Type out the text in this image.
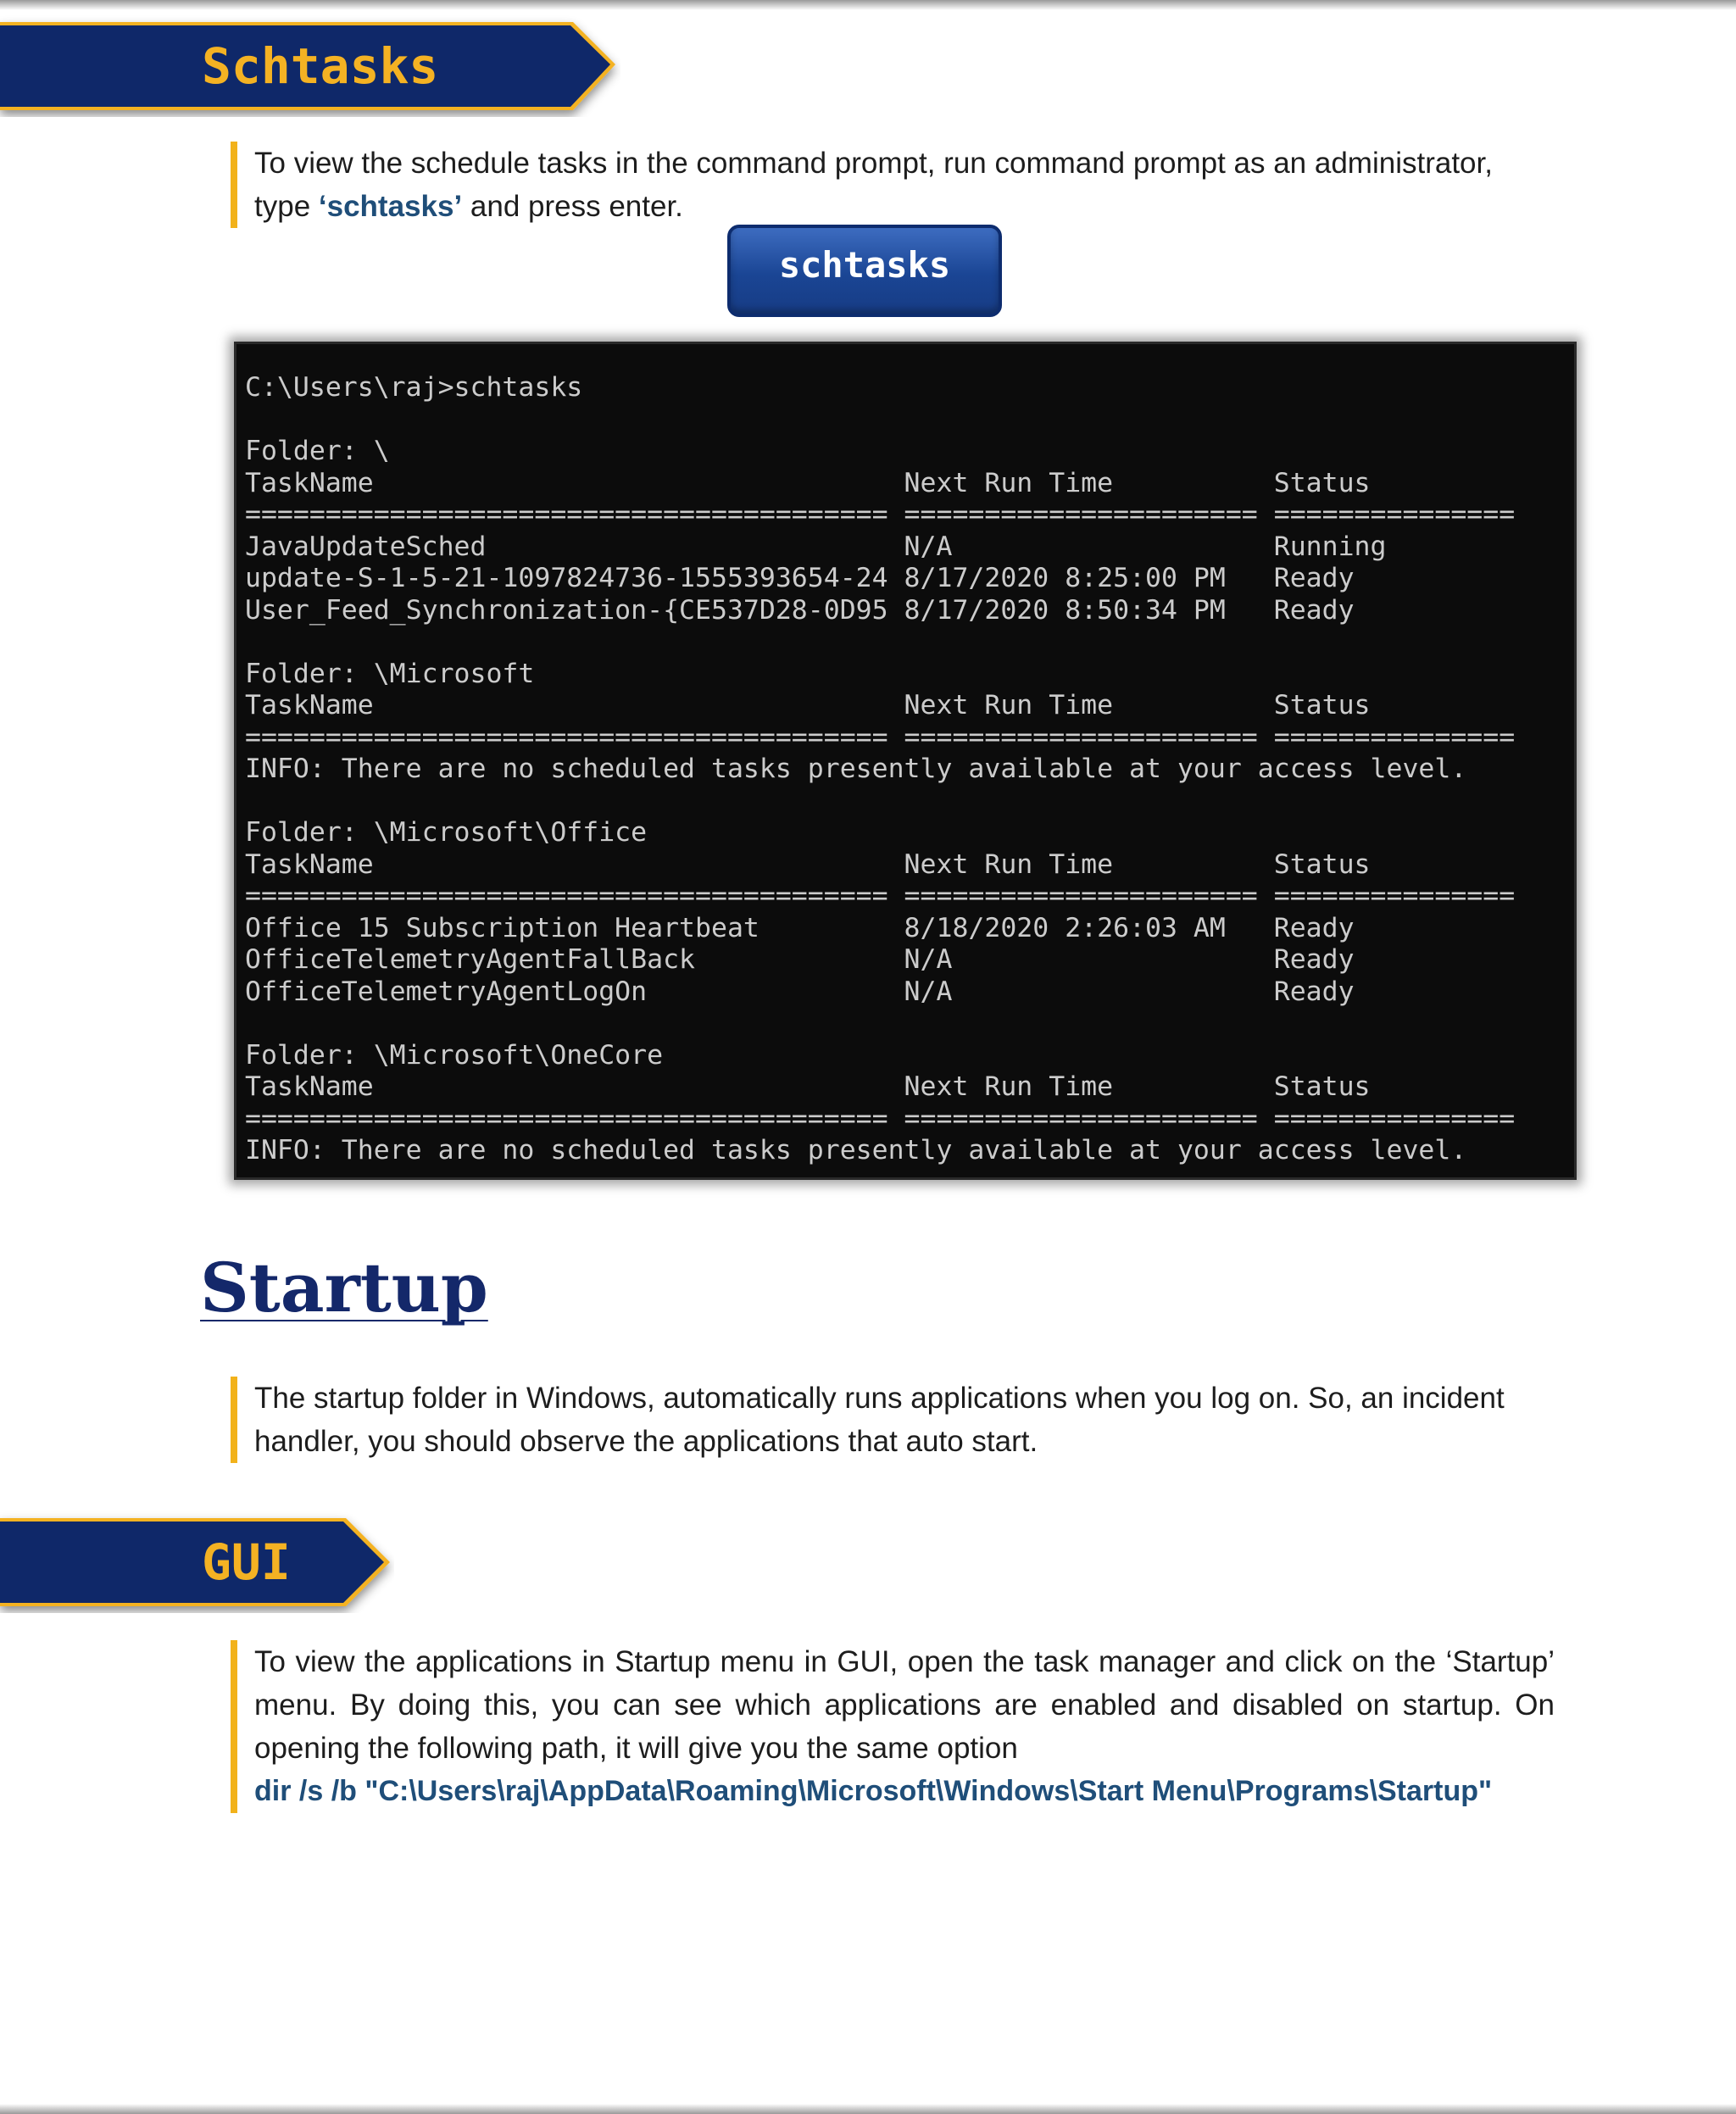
Schtasks
To view the schedule tasks in the command prompt, run command prompt as an administrator, type ‘schtasks’ and press enter.
schtasks
C:\Users\raj>schtasks
Folder: \
TaskName                                 Next Run Time          Status
======================================== ====================== ===============
JavaUpdateSched                          N/A                    Running
update-S-1-5-21-1097824736-1555393654-24 8/17/2020 8:25:00 PM   Ready
User_Feed_Synchronization-{CE537D28-0D95 8/17/2020 8:50:34 PM   Ready
Folder: \Microsoft
TaskName                                 Next Run Time          Status
======================================== ====================== ===============
INFO: There are no scheduled tasks presently available at your access level.
Folder: \Microsoft\Office
TaskName                                 Next Run Time          Status
======================================== ====================== ===============
Office 15 Subscription Heartbeat         8/18/2020 2:26:03 AM   Ready
OfficeTelemetryAgentFallBack             N/A                    Ready
OfficeTelemetryAgentLogOn                N/A                    Ready
Folder: \Microsoft\OneCore
TaskName                                 Next Run Time          Status
======================================== ====================== ===============
INFO: There are no scheduled tasks presently available at your access level.
Startup
The startup folder in Windows, automatically runs applications when you log on. So, an incident handler, you should observe the applications that auto start.
GUI
To view the applications in Startup menu in GUI, open the task manager and click on the ‘Startup’ menu. By doing this, you can see which applications are enabled and disabled on startup. On opening the following path, it will give you the same option
dir /s /b "C:\Users\raj\AppData\Roaming\Microsoft\Windows\Start Menu\Programs\Startup"
